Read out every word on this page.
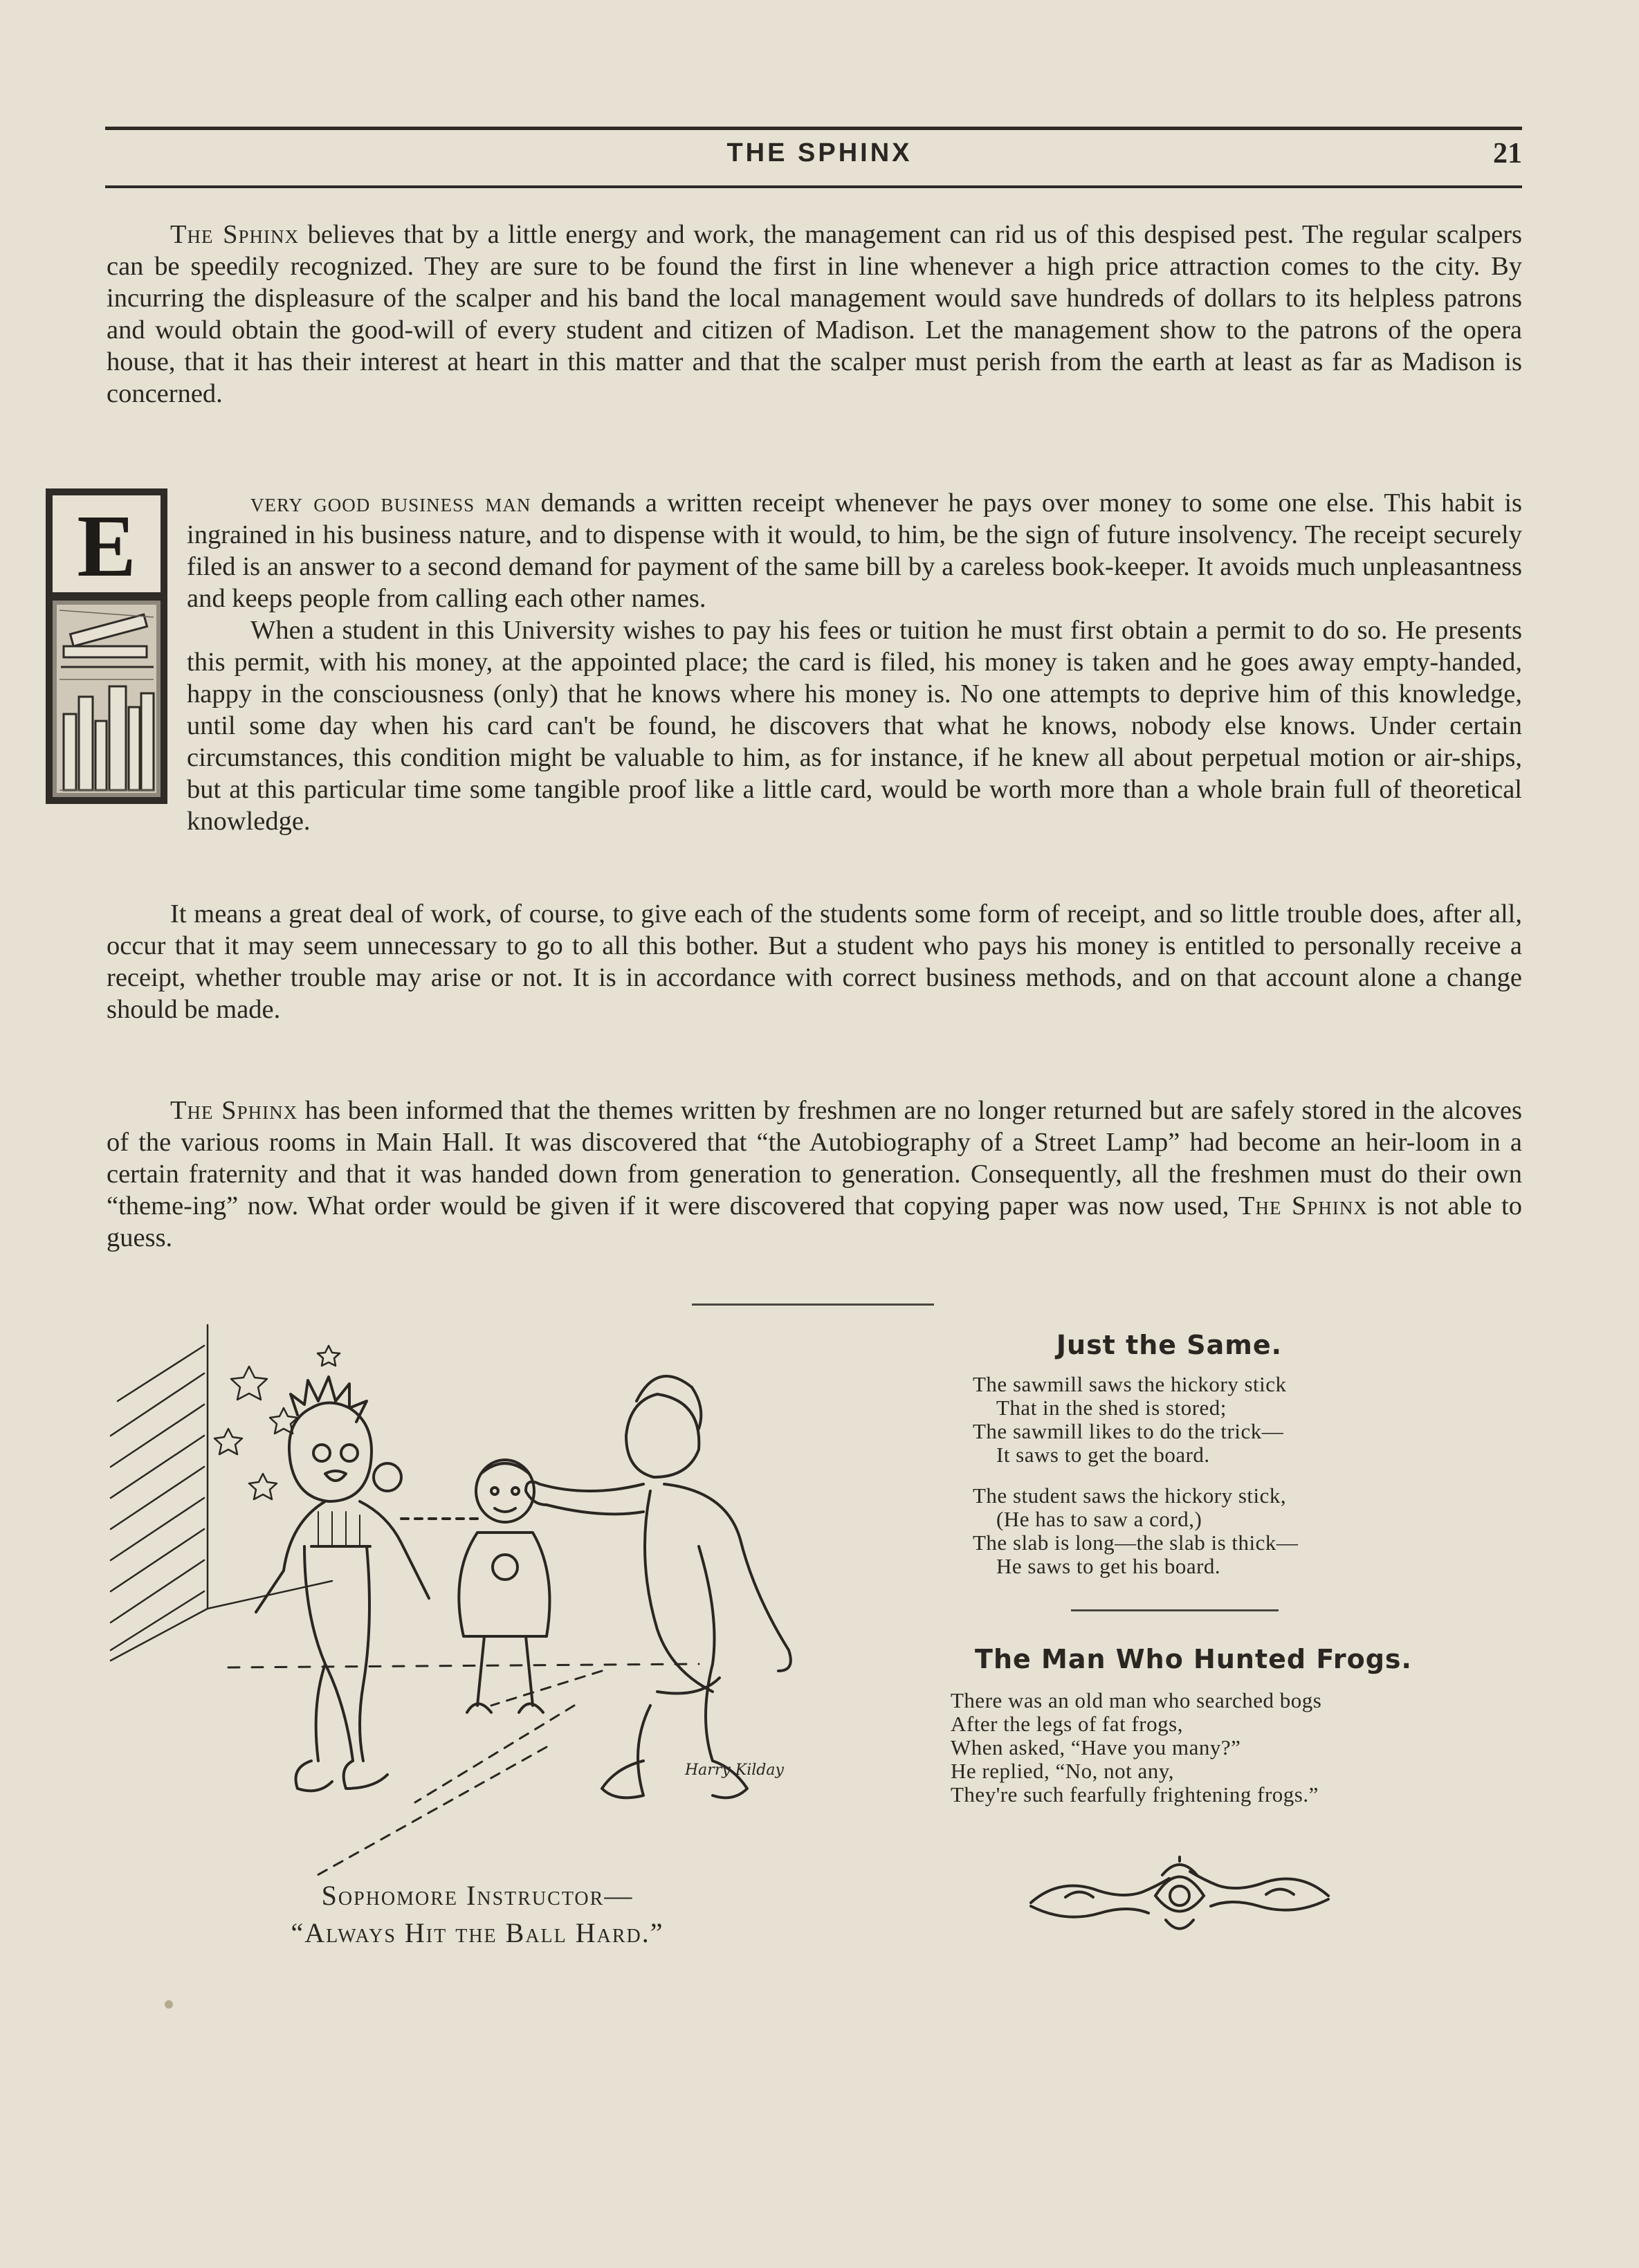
THE SPHINX	21
The Sphinx believes that by a little energy and work, the management can rid us of this despised pest. The regular scalpers can be speedily recognized. They are sure to be found the first in line whenever a high price attraction comes to the city. By incurring the displeasure of the scalper and his band the local management would save hundreds of dollars to its helpless patrons and would obtain the good-will of every student and citizen of Madison. Let the management show to the patrons of the opera house, that it has their interest at heart in this matter and that the scalper must perish from the earth at least as far as Madison is concerned.
E	very good business man demands a written receipt whenever he pays over money to some one else. This habit is ingrained in his business nature, and to dispense with it would, to him, be the sign of future insolvency. The receipt securely filed is an answer to a second demand for payment of the same bill by a careless book-keeper. It avoids much unpleasantness and keeps people from calling each other names.
When a student in this University wishes to pay his fees or tuition he must first obtain a permit to do so. He presents this permit, with his money, at the appointed place; the card is filed, his money is taken and he goes away empty-handed, happy in the consciousness (only) that he knows where his money is. No one attempts to deprive him of this knowledge, until some day when his card can't be found, he discovers that what he knows, nobody else knows. Under certain circumstances, this condition might be valuable to him, as for instance, if he knew all about perpetual motion or air-ships, but at this particular time some tangible proof like a little card, would be worth more than a whole brain full of theoretical knowledge.
It means a great deal of work, of course, to give each of the students some form of receipt, and so little trouble does, after all, occur that it may seem unnecessary to go to all this bother. But a student who pays his money is entitled to personally receive a receipt, whether trouble may arise or not. It is in accordance with correct business methods, and on that account alone a change should be made.
The Sphinx has been informed that the themes written by freshmen are no longer returned but are safely stored in the alcoves of the various rooms in Main Hall. It was discovered that “the Autobiography of a Street Lamp” had become an heir-loom in a certain fraternity and that it was handed down from generation to generation. Consequently, all the freshmen must do their own “theme-ing” now. What order would be given if it were discovered that copying paper was now used, The Sphinx is not able to guess.
Harry Kilday
Sophomore Instructor—
“Always Hit the Ball Hard.”
Just the Same.
The sawmill saws the hickory stick
That in the shed is stored;
The sawmill likes to do the trick—
It saws to get the board.
The student saws the hickory stick,
(He has to saw a cord,)
The slab is long—the slab is thick—
He saws to get his board.
The Man Who Hunted Frogs.
There was an old man who searched bogs
After the legs of fat frogs,
When asked, “Have you many?”
He replied, “No, not any,
They're such fearfully frightening frogs.”
